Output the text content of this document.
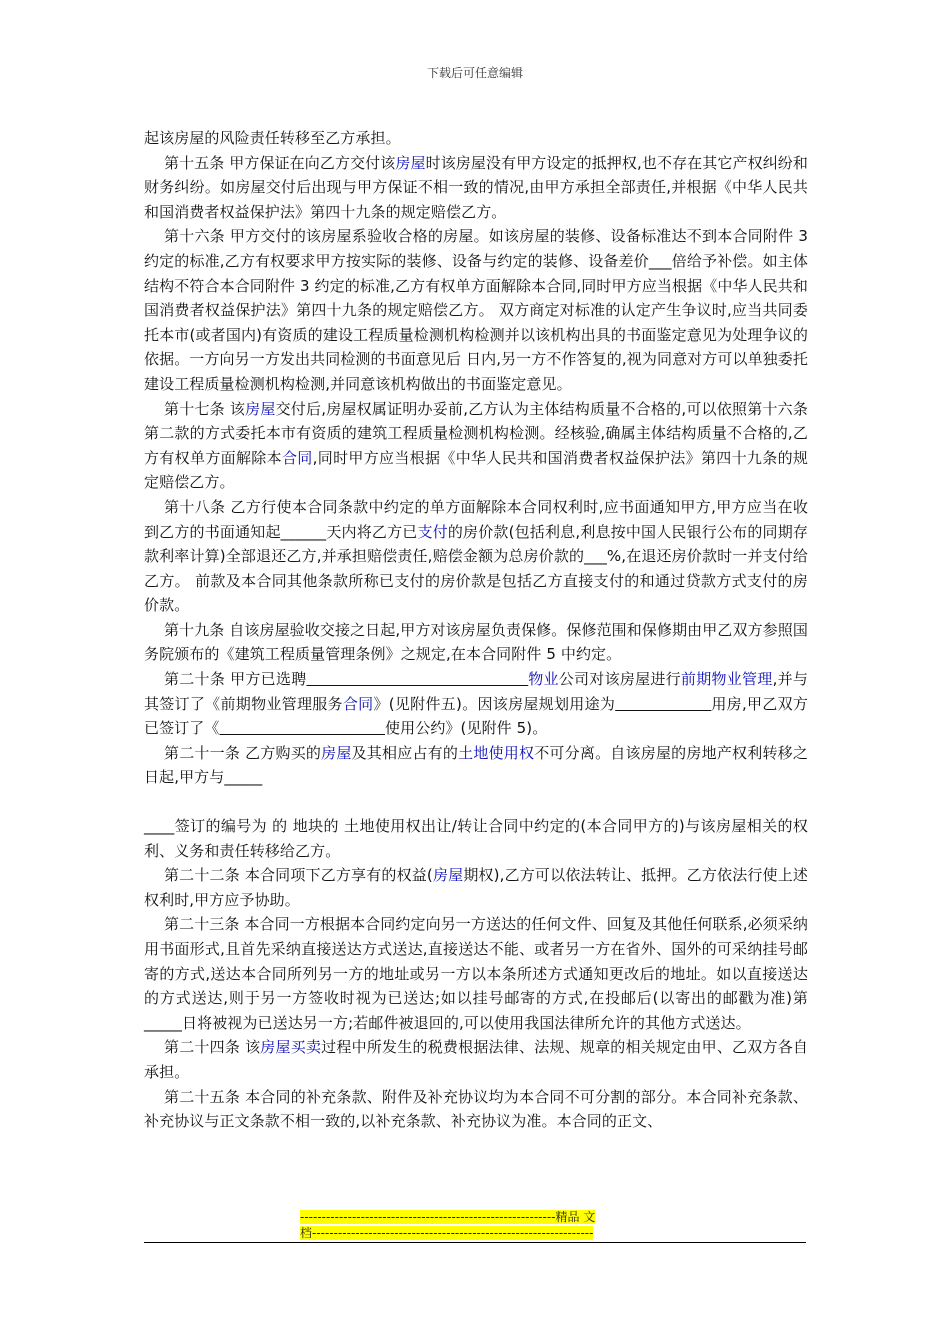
下载后可任意编辑

起该房屋的风险责任转移至乙方承担。

第十五条 甲方保证在向乙方交付该房屋时该房屋没有甲方设定的抵押权,也不存在其它产权纠纷和财务纠纷。如房屋交付后出现与甲方保证不相一致的情况,由甲方承担全部责任,并根据《中华人民共和国消费者权益保护法》第四十九条的规定赔偿乙方。

第十六条 甲方交付的该房屋系验收合格的房屋。如该房屋的装修、设备标准达不到本合同附件 3 约定的标准,乙方有权要求甲方按实际的装修、设备与约定的装修、设备差价___倍给予补偿。如主体结构不符合本合同附件 3 约定的标准,乙方有权单方面解除本合同,同时甲方应当根据《中华人民共和国消费者权益保护法》第四十九条的规定赔偿乙方。 双方商定对标准的认定产生争议时,应当共同委托本市(或者国内)有资质的建设工程质量检测机构检测并以该机构出具的书面鉴定意见为处理争议的依据。一方向另一方发出共同检测的书面意见后 日内,另一方不作答复的,视为同意对方可以单独委托建设工程质量检测机构检测,并同意该机构做出的书面鉴定意见。

第十七条 该房屋交付后,房屋权属证明办妥前,乙方认为主体结构质量不合格的,可以依照第十六条第二款的方式委托本市有资质的建筑工程质量检测机构检测。经核验,确属主体结构质量不合格的,乙方有权单方面解除本合同,同时甲方应当根据《中华人民共和国消费者权益保护法》第四十九条的规定赔偿乙方。

第十八条 乙方行使本合同条款中约定的单方面解除本合同权利时,应书面通知甲方,甲方应当在收到乙方的书面通知起______天内将乙方已支付的房价款(包括利息,利息按中国人民银行公布的同期存款利率计算)全部退还乙方,并承担赔偿责任,赔偿金额为总房价款的___%,在退还房价款时一并支付给乙方。 前款及本合同其他条款所称已支付的房价款是包括乙方直接支付的和通过贷款方式支付的房价款。

第十九条 自该房屋验收交接之日起,甲方对该房屋负责保修。保修范围和保修期由甲乙双方参照国务院颁布的《建筑工程质量管理条例》之规定,在本合同附件 5 中约定。

第二十条 甲方已选聘	物业公司对该房屋进行前期物业管理,并与其签订了《前期物业管理服务合同》(见附件五)。因该房屋规划用途为	用房,甲乙双方已签订了《	使用公约》(见附件 5)。

第二十一条 乙方购买的房屋及其相应占有的土地使用权不可分离。自该房屋的房地产权利转移之日起,甲方与_____

____签订的编号为 的 地块的 土地使用权出让/转让合同中约定的(本合同甲方的)与该房屋相关的权利、义务和责任转移给乙方。

第二十二条 本合同项下乙方享有的权益(房屋期权),乙方可以依法转让、抵押。乙方依法行使上述权利时,甲方应予协助。

第二十三条 本合同一方根据本合同约定向另一方送达的任何文件、回复及其他任何联系,必须采纳用书面形式,且首先采纳直接送达方式送达,直接送达不能、或者另一方在省外、国外的可采纳挂号邮寄的方式,送达本合同所列另一方的地址或另一方以本条所述方式通知更改后的地址。如以直接送达的方式送达,则于另一方签收时视为已送达;如以挂号邮寄的方式,在投邮后(以寄出的邮戳为准)第_____日将被视为已送达另一方;若邮件被退回的,可以使用我国法律所允许的其他方式送达。

第二十四条 该房屋买卖过程中所发生的税费根据法律、法规、规章的相关规定由甲、乙双方各自承担。

第二十五条 本合同的补充条款、附件及补充协议均为本合同不可分割的部分。本合同补充条款、补充协议与正文条款不相一致的,以补充条款、补充协议为准。本合同的正文、

-----------------------------------------------------------精品 文
档-----------------------------------------------------------------
